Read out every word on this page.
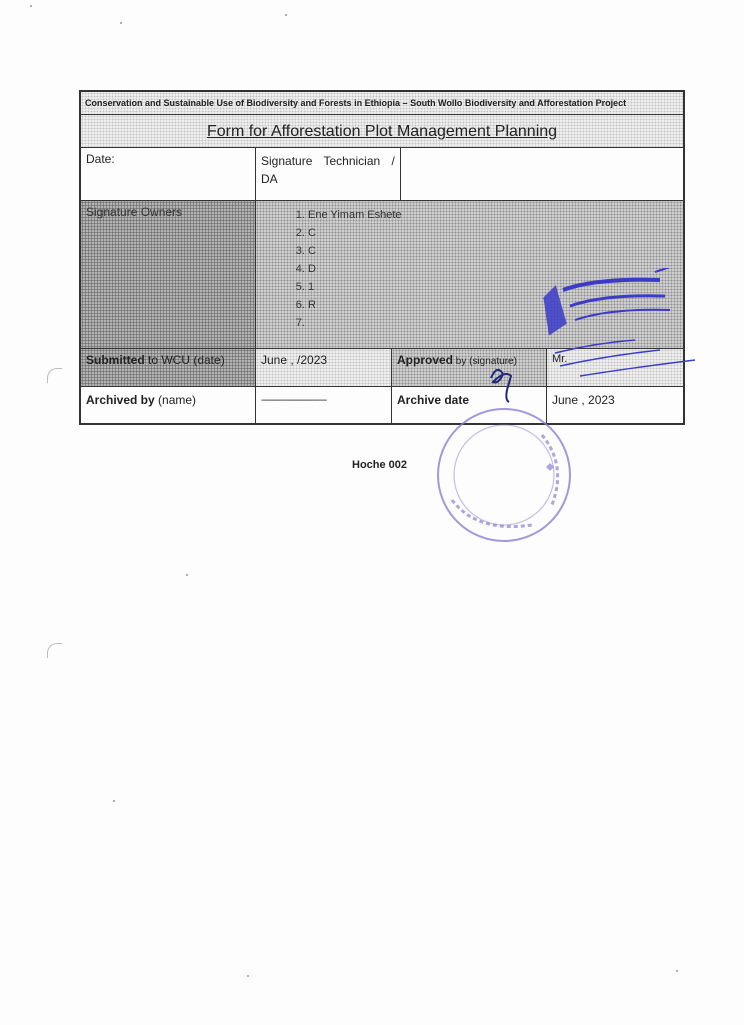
Conservation and Sustainable Use of Biodiversity and Forests in Ethiopia – South Wollo Biodiversity and Afforestation Project
Form for Afforestation Plot Management Planning
Date:	Signature Technician / DA
Signature Owners
1.	Ene Yimam Eshete
2. C
3. C
4. D
5. 1
6. R
7.
Submitted to WCU (date)	June , /2023	Approved by (signature)	Mr.
Archived by (name)	----------------------------	Archive date	June , 2023
Hoche 002
